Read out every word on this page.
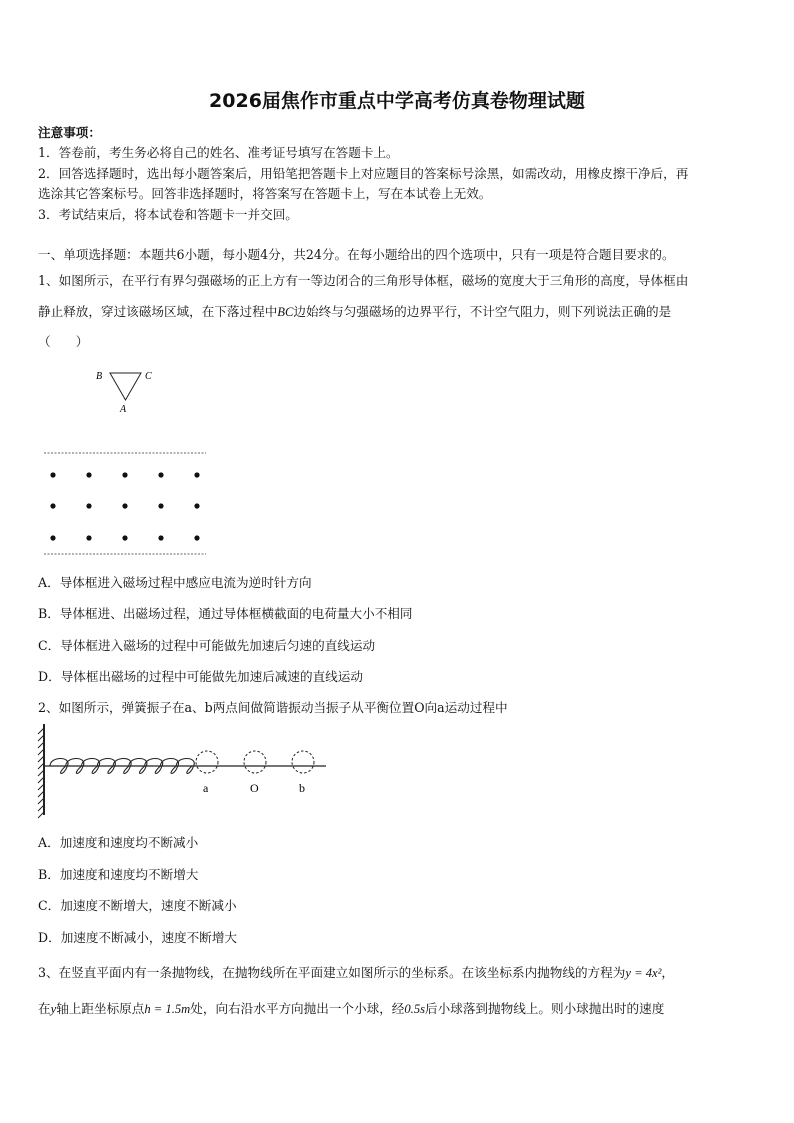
2026届焦作市重点中学高考仿真卷物理试题
注意事项：
1．答卷前，考生务必将自己的姓名、准考证号填写在答题卡上。
2．回答选择题时，选出每小题答案后，用铅笔把答题卡上对应题目的答案标号涂黑，如需改动，用橡皮擦干净后，再
选涂其它答案标号。回答非选择题时，将答案写在答题卡上，写在本试卷上无效。
3．考试结束后，将本试卷和答题卡一并交回。
一、单项选择题：本题共6小题，每小题4分，共24分。在每小题给出的四个选项中，只有一项是符合题目要求的。
1、如图所示，在平行有界匀强磁场的正上方有一等边闭合的三角形导体框，磁场的宽度大于三角形的高度，导体框由
静止释放，穿过该磁场区域，在下落过程中BC边始终与匀强磁场的边界平行，不计空气阻力，则下列说法正确的是
（　　）
B	C
A
A．导体框进入磁场过程中感应电流为逆时针方向
B．导体框进、出磁场过程，通过导体框横截面的电荷量大小不相同
C．导体框进入磁场的过程中可能做先加速后匀速的直线运动
D．导体框出磁场的过程中可能做先加速后减速的直线运动
2、如图所示，弹簧振子在a、b两点间做简谐振动当振子从平衡位置O向a运动过程中
a	O	b
A．加速度和速度均不断减小
B．加速度和速度均不断增大
C．加速度不断增大，速度不断减小
D．加速度不断减小，速度不断增大
3、在竖直平面内有一条抛物线，在抛物线所在平面建立如图所示的坐标系。在该坐标系内抛物线的方程为y = 4x²，
在y轴上距坐标原点h = 1.5m处，向右沿水平方向抛出一个小球，经0.5s后小球落到抛物线上。则小球抛出时的速度
